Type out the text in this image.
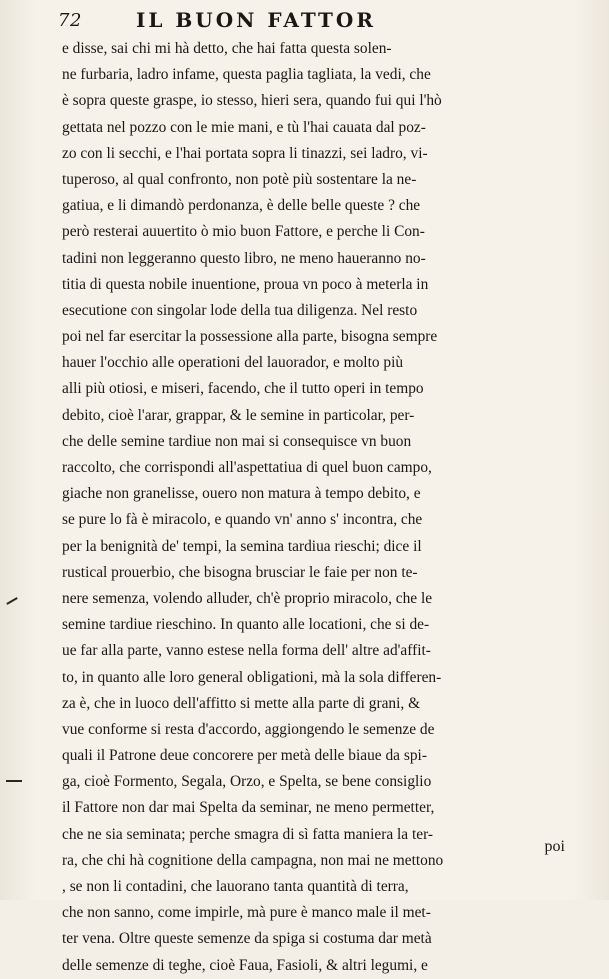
72	IL BUON FATTOR
e disse, sai chi mi hà detto, che hai fatta questa solen-
ne furbaria, ladro infame, questa paglia tagliata, la vedi, che
è sopra queste graspe, io stesso, hieri sera, quando fui qui l'hò
gettata nel pozzo con le mie mani, e tù l'hai cauata dal poz-
zo con li secchi, e l'hai portata sopra li tinazzi, sei ladro, vi-
tuperoso, al qual confronto, non potè più sostentare la ne-
gatiua, e li dimandò perdonanza, è delle belle queste ? che
però resterai auuertito ò mio buon Fattore, e perche li Con-
tadini non leggeranno questo libro, ne meno haueranno no-
titia di questa nobile inuentione, proua vn poco à meterla in
esecutione con singolar lode della tua diligenza. Nel resto
poi nel far esercitar la possessione alla parte, bisogna sempre
hauer l'occhio alle operationi del lauorador, e molto più
alli più otiosi, e miseri, facendo, che il tutto operi in tempo
debito, cioè l'arar, grappar, & le semine in particolar, per-
che delle semine tardiue non mai si consequisce vn buon
raccolto, che corrispondi all'aspettatiua di quel buon campo,
giache non granelisse, ouero non matura à tempo debito, e
se pure lo fà è miracolo, e quando vn' anno s' incontra, che
per la benignità de' tempi, la semina tardiua rieschi; dice il
rustical prouerbio, che bisogna brusciar le faie per non te-
nere semenza, volendo alluder, ch'è proprio miracolo, che le
semine tardiue rieschino. In quanto alle locationi, che si de-
ue far alla parte, vanno estese nella forma dell' altre ad'affit-
to, in quanto alle loro general obligationi, mà la sola differen-
za è, che in luoco dell'affitto si mette alla parte di grani, &
vue conforme si resta d'accordo, aggiongendo le semenze de
quali il Patrone deue concorere per metà delle biaue da spi-
ga, cioè Formento, Segala, Orzo, e Spelta, se bene consiglio
il Fattore non dar mai Spelta da seminar, ne meno permetter,
che ne sia seminata; perche smagra di sì fatta maniera la ter-
ra, che chi hà cognitione della campagna, non mai ne mettono
, se non li contadini, che lauorano tanta quantità di terra,
che non sanno, come impirle, mà pure è manco male il met-
ter vena. Oltre queste semenze da spiga si costuma dar metà
delle semenze di teghe, cioè Faua, Fasioli, & altri legumi, e
poi
